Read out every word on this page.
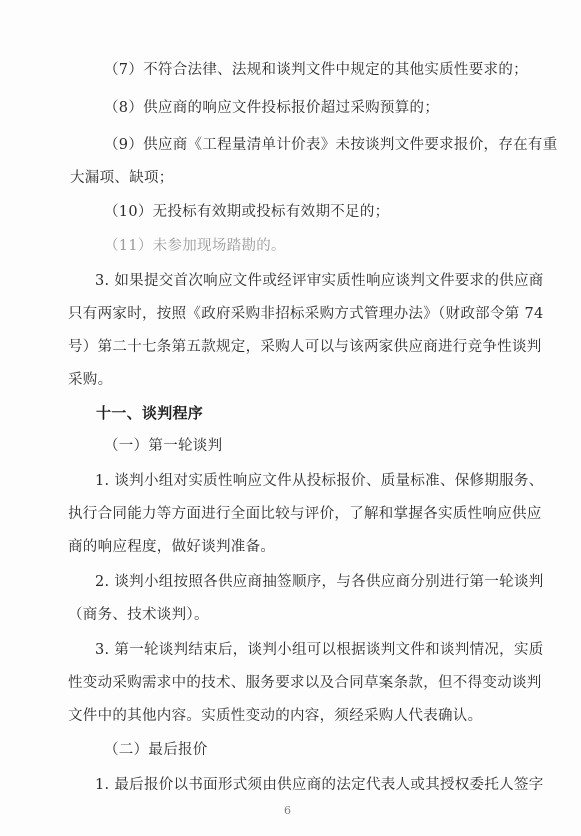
（7）不符合法律、法规和谈判文件中规定的其他实质性要求的；
（8）供应商的响应文件投标报价超过采购预算的；
（9）供应商《工程量清单计价表》未按谈判文件要求报价，存在有重
大漏项、缺项；
（10）无投标有效期或投标有效期不足的；
（11）未参加现场踏勘的。
3. 如果提交首次响应文件或经评审实质性响应谈判文件要求的供应商
只有两家时，按照《政府采购非招标采购方式管理办法》（财政部令第 74
号）第二十七条第五款规定，采购人可以与该两家供应商进行竞争性谈判
采购。
十一、谈判程序
（一）第一轮谈判
1. 谈判小组对实质性响应文件从投标报价、质量标准、保修期服务、
执行合同能力等方面进行全面比较与评价，了解和掌握各实质性响应供应
商的响应程度，做好谈判准备。
2. 谈判小组按照各供应商抽签顺序，与各供应商分别进行第一轮谈判
（商务、技术谈判）。
3. 第一轮谈判结束后，谈判小组可以根据谈判文件和谈判情况，实质
性变动采购需求中的技术、服务要求以及合同草案条款，但不得变动谈判
文件中的其他内容。实质性变动的内容，须经采购人代表确认。
（二）最后报价
1. 最后报价以书面形式须由供应商的法定代表人或其授权委托人签字
6
